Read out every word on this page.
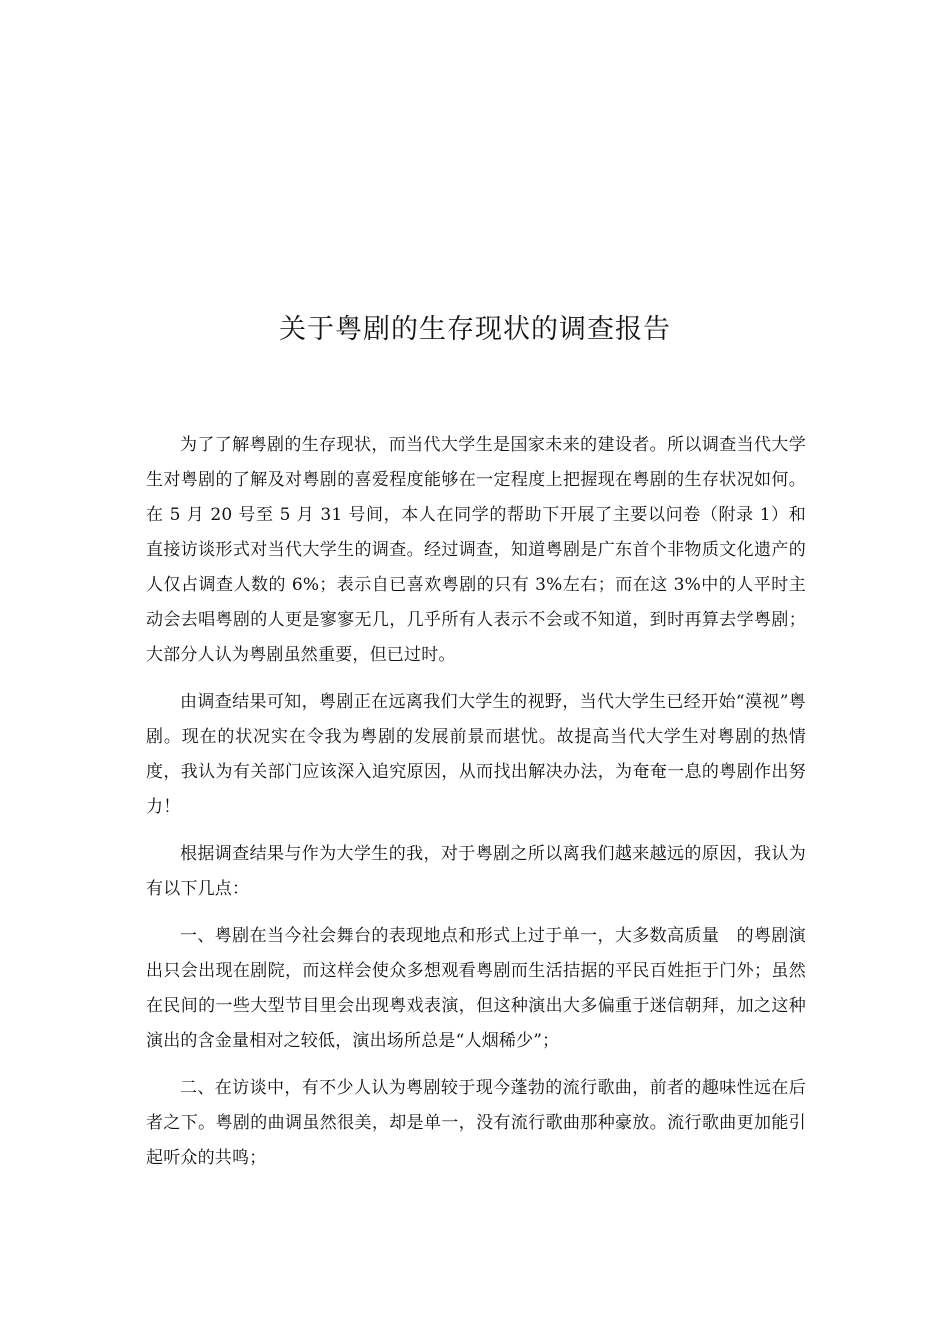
关于粤剧的生存现状的调查报告

为了了解粤剧的生存现状，而当代大学生是国家未来的建设者。所以调查当代大学生对粤剧的了解及对粤剧的喜爱程度能够在一定程度上把握现在粤剧的生存状况如何。在 5 月 20 号至 5 月 31 号间，本人在同学的帮助下开展了主要以问卷（附录 1）和直接访谈形式对当代大学生的调查。经过调查，知道粤剧是广东首个非物质文化遗产的人仅占调查人数的 6%；表示自已喜欢粤剧的只有 3%左右；而在这 3%中的人平时主动会去唱粤剧的人更是寥寥无几，几乎所有人表示不会或不知道，到时再算去学粤剧；大部分人认为粤剧虽然重要，但已过时。

由调查结果可知，粤剧正在远离我们大学生的视野，当代大学生已经开始“漠视”粤剧。现在的状况实在令我为粤剧的发展前景而堪忧。故提高当代大学生对粤剧的热情度，我认为有关部门应该深入追究原因，从而找出解决办法，为奄奄一息的粤剧作出努力！

根据调查结果与作为大学生的我，对于粤剧之所以离我们越来越远的原因，我认为有以下几点：

一、粤剧在当今社会舞台的表现地点和形式上过于单一，大多数高质量　的粤剧演出只会出现在剧院，而这样会使众多想观看粤剧而生活拮据的平民百姓拒于门外；虽然在民间的一些大型节目里会出现粤戏表演，但这种演出大多偏重于迷信朝拜，加之这种演出的含金量相对之较低，演出场所总是“人烟稀少”；

二、在访谈中，有不少人认为粤剧较于现今蓬勃的流行歌曲，前者的趣味性远在后者之下。粤剧的曲调虽然很美，却是单一，没有流行歌曲那种豪放。流行歌曲更加能引起听众的共鸣；
